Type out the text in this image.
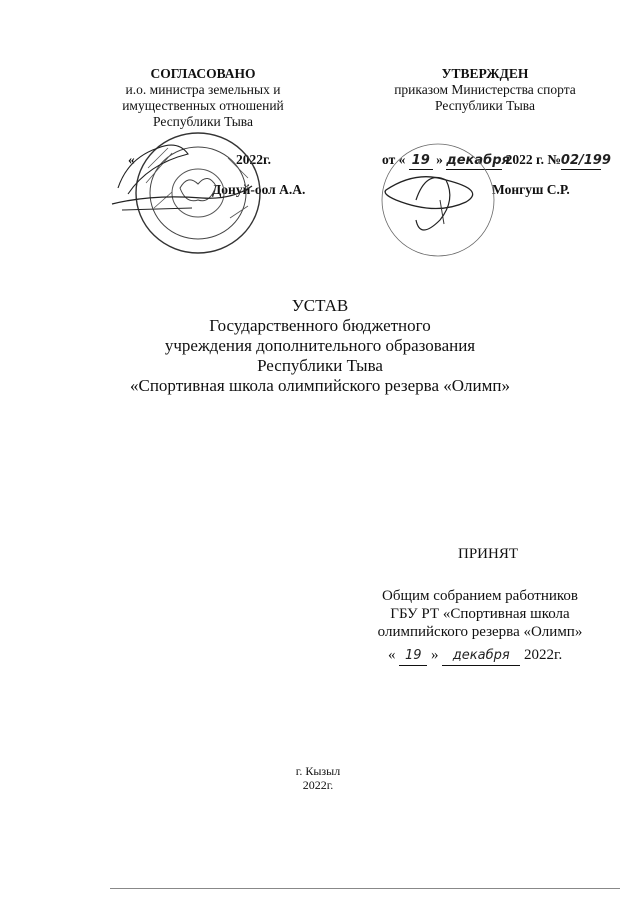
СОГЛАСОВАНО
и.о. министра земельных и
имущественных отношений
Республики Тыва
«	2022г.
Донуй-оол А.А.
УТВЕРЖДЕН
приказом Министерства спорта
Республики Тыва
от « 19 » декабря 2022 г. №02/199
Монгуш С.Р.
УСТАВ
Государственного бюджетного
учреждения дополнительного образования
Республики Тыва
«Спортивная школа олимпийского резерва «Олимп»
ПРИНЯТ
Общим собранием работников
ГБУ РТ «Спортивная школа
олимпийского резерва «Олимп»
« 19 » декабря 2022г.
г. Кызыл
2022г.
